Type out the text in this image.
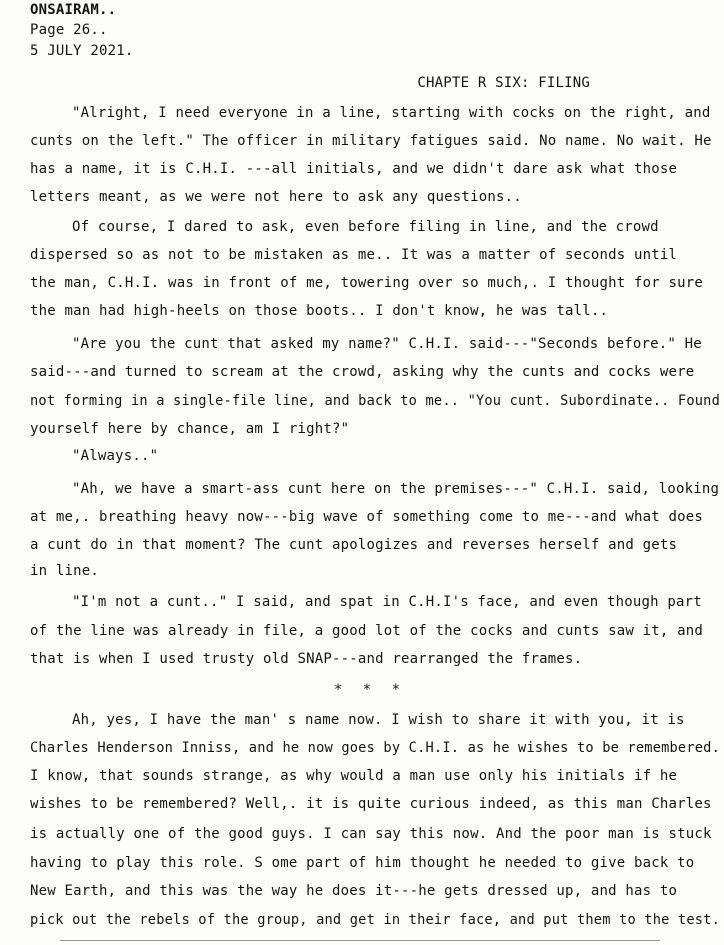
ONSAIRAM..
Page 26..
5 JULY 2021.
CHAPTE R SIX: FILING
"Alright, I need everyone in a line, starting with cocks on the right, and
cunts on the left." The officer in military fatigues said. No name. No wait. He
has a name, it is C.H.I. ---all initials, and we didn't dare ask what those
letters meant, as we were not here to ask any questions..
Of course, I dared to ask, even before filing in line, and the crowd
dispersed so as not to be mistaken as me.. It was a matter of seconds until
the man, C.H.I. was in front of me, towering over so much,. I thought for sure
the man had high-heels on those boots.. I don't know, he was tall..
"Are you the cunt that asked my name?" C.H.I. said---"Seconds before." He
said---and turned to scream at the crowd, asking why the cunts and cocks were
not forming in a single-file line, and back to me.. "You cunt. Subordinate.. Found
yourself here by chance, am I right?"
"Always.."
"Ah, we have a smart-ass cunt here on the premises---" C.H.I. said, looking
at me,. breathing heavy now---big wave of something come to me---and what does
a cunt do in that moment? The cunt apologizes and reverses herself and gets
in line.
"I'm not a cunt.." I said, and spat in C.H.I's face, and even though part
of the line was already in file, a good lot of the cocks and cunts saw it, and
that is when I used trusty old SNAP---and rearranged the frames.
* * *
Ah, yes, I have the man' s name now. I wish to share it with you, it is
Charles Henderson Inniss, and he now goes by C.H.I. as he wishes to be remembered.
I know, that sounds strange, as why would a man use only his initials if he
wishes to be remembered? Well,. it is quite curious indeed, as this man Charles
is actually one of the good guys. I can say this now. And the poor man is stuck
having to play this role. S ome part of him thought he needed to give back to
New Earth, and this was the way he does it---he gets dressed up, and has to
pick out the rebels of the group, and get in their face, and put them to the test.
